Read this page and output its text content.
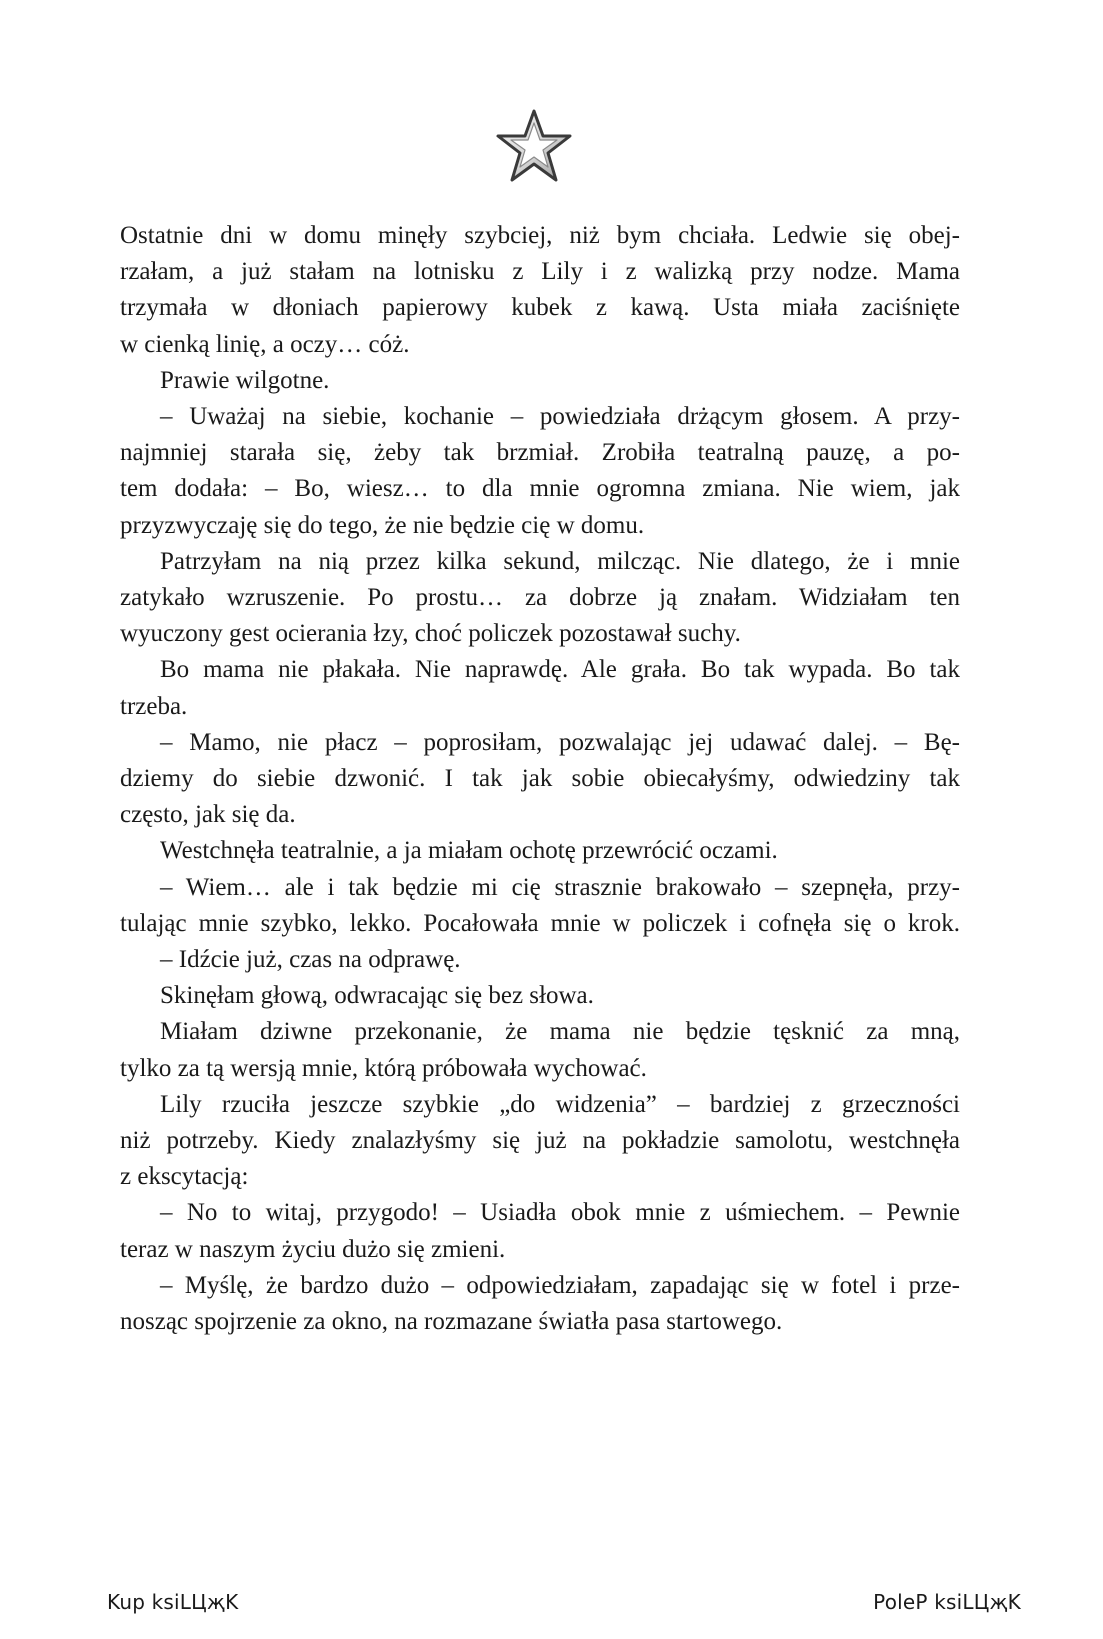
Ostatnie dni w domu minęły szybciej, niż bym chciała. Ledwie się obej-
rzałam, a już stałam na lotnisku z Lily i z walizką przy nodze. Mama
trzymała w dłoniach papierowy kubek z kawą. Usta miała zaciśnięte
w cienką linię, a oczy… cóż.
Prawie wilgotne.
– Uważaj na siebie, kochanie – powiedziała drżącym głosem. A przy-
najmniej starała się, żeby tak brzmiał. Zrobiła teatralną pauzę, a po-
tem dodała: – Bo, wiesz… to dla mnie ogromna zmiana. Nie wiem, jak
przyzwyczaję się do tego, że nie będzie cię w domu.
Patrzyłam na nią przez kilka sekund, milcząc. Nie dlatego, że i mnie
zatykało wzruszenie. Po prostu… za dobrze ją znałam. Widziałam ten
wyuczony gest ocierania łzy, choć policzek pozostawał suchy.
Bo mama nie płakała. Nie naprawdę. Ale grała. Bo tak wypada. Bo tak
trzeba.
– Mamo, nie płacz – poprosiłam, pozwalając jej udawać dalej. – Bę-
dziemy do siebie dzwonić. I tak jak sobie obiecałyśmy, odwiedziny tak
często, jak się da.
Westchnęła teatralnie, a ja miałam ochotę przewrócić oczami.
– Wiem… ale i tak będzie mi cię strasznie brakowało – szepnęła, przy-
tulając mnie szybko, lekko. Pocałowała mnie w policzek i cofnęła się o krok.
– Idźcie już, czas na odprawę.
Skinęłam głową, odwracając się bez słowa.
Miałam dziwne przekonanie, że mama nie będzie tęsknić za mną,
tylko za tą wersją mnie, którą próbowała wychować.
Lily rzuciła jeszcze szybkie „do widzenia” – bardziej z grzeczności
niż potrzeby. Kiedy znalazłyśmy się już na pokładzie samolotu, westchnęła
z ekscytacją:
– No to witaj, przygodo! – Usiadła obok mnie z uśmiechem. – Pewnie
teraz w naszym życiu dużo się zmieni.
– Myślę, że bardzo dużo – odpowiedziałam, zapadając się w fotel i prze-
nosząc spojrzenie za okno, na rozmazane światła pasa startowego.
Kup ksiLЦҗK	PoleP ksiLЦҗK
